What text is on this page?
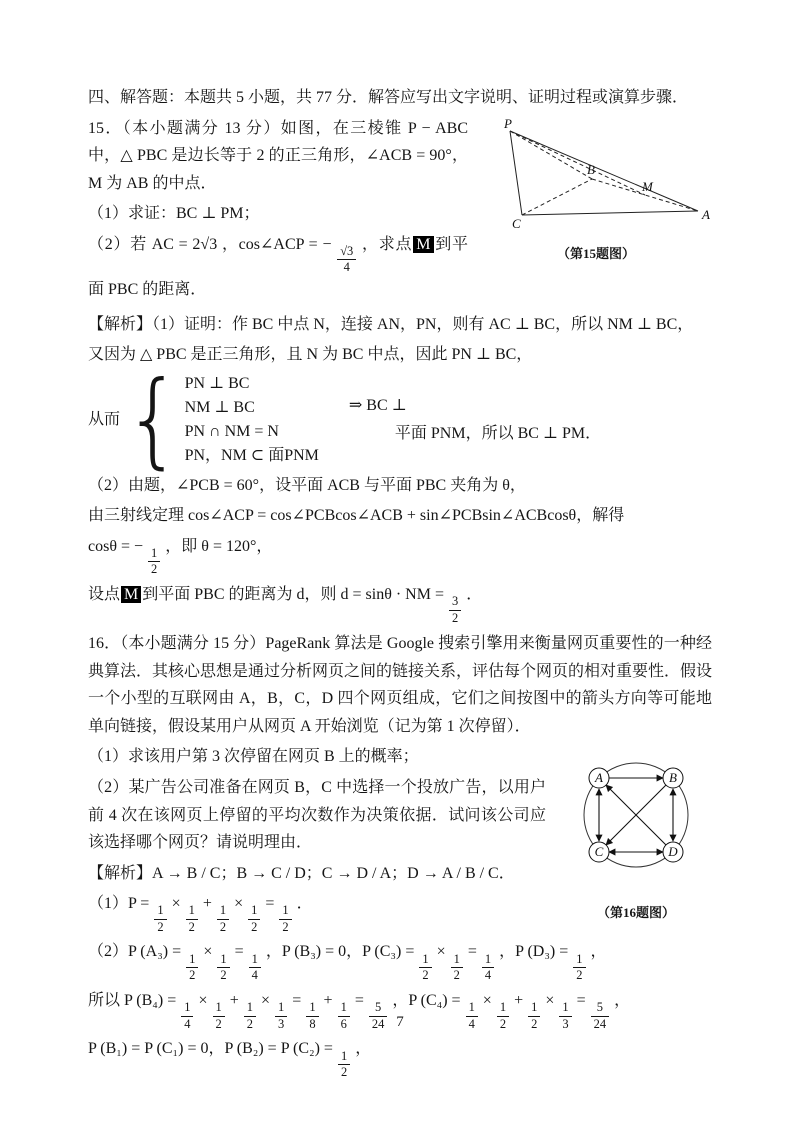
四、解答题：本题共 5 小题，共 77 分．解答应写出文字说明、证明过程或演算步骤．

P
C
A
B
M
（第15题图）

15．（本小题满分 13 分）如图，在三棱锥 P − ABC 中，△ PBC 是边长等于 2 的正三角形，∠ACB = 90°，M 为 AB 的中点．

（1）求证：BC ⊥ PM；

（2）若 AC = 2√3 ，cos∠ACP = − $\frac{√3}{4}$ ，求点 M 到平面 PBC 的距离．

【解析】（1）证明：作 BC 中点 N，连接 AN，PN，则有 AC ⊥ BC，所以 NM ⊥ BC，

又因为 △ PBC 是正三角形，且 N 为 BC 中点，因此 PN ⊥ BC，

从而 { PN ⊥ BC
NM ⊥ BC
PN ∩ NM = N
PN，NM ⊂ 面PNM
⇒ BC ⊥
平面 PNM，所以 BC ⊥ PM．

（2）由题，∠PCB = 60°，设平面 ACB 与平面 PBC 夹角为 θ，

由三射线定理 cos∠ACP = cos∠PCBcos∠ACB + sin∠PCBsin∠ACBcosθ，解得

cosθ = − $\frac{1}{2}$ ，即 θ = 120°，

设点 M 到平面 PBC 的距离为 d，则 d = sinθ · NM = $\frac{3}{2}$ ．

16．（本小题满分 15 分）PageRank 算法是 Google 搜索引擎用来衡量网页重要性的一种经典算法．其核心思想是通过分析网页之间的链接关系，评估每个网页的相对重要性．假设一个小型的互联网由 A，B，C，D 四个网页组成，它们之间按图中的箭头方向等可能地单向链接，假设某用户从网页 A 开始浏览（记为第 1 次停留）．

A	B
C	D
（第16题图）

（1）求该用户第 3 次停留在网页 B 上的概率；

（2）某广告公司准备在网页 B，C 中选择一个投放广告，以用户前 4 次在该网页上停留的平均次数作为决策依据．试问该公司应该选择哪个网页？请说明理由．

【解析】A → B / C；B → C / D；C → D / A；D → A / B / C．

$(1)P = \frac{1}{2} \times \frac{1}{2} + \frac{1}{2} \times \frac{1}{2} = \frac{1}{2}$ ．

（2）P $(A_3) = \frac{1}{2} \times \frac{1}{2} = \frac{1}{4}$ ，P (B₃) = 0，P $(C_3) = \frac{1}{2} \times \frac{1}{2} = \frac{1}{4}$ ，P $(D_3) = \frac{1}{2}$ ，

所以 P $(B_4) = \frac{1}{4} \times \frac{1}{2} + \frac{1}{2} \times \frac{1}{3} = \frac{1}{8} + \frac{1}{6} = \frac{5}{24}$ ，P $(C_4) = \frac{1}{4} \times \frac{1}{2} + \frac{1}{2} \times \frac{1}{3} = \frac{5}{24}$ ，

P (B₁) = P (C₁) = 0，P (B₂) = P $(C_2) = \frac{1}{2}$ ，

7
